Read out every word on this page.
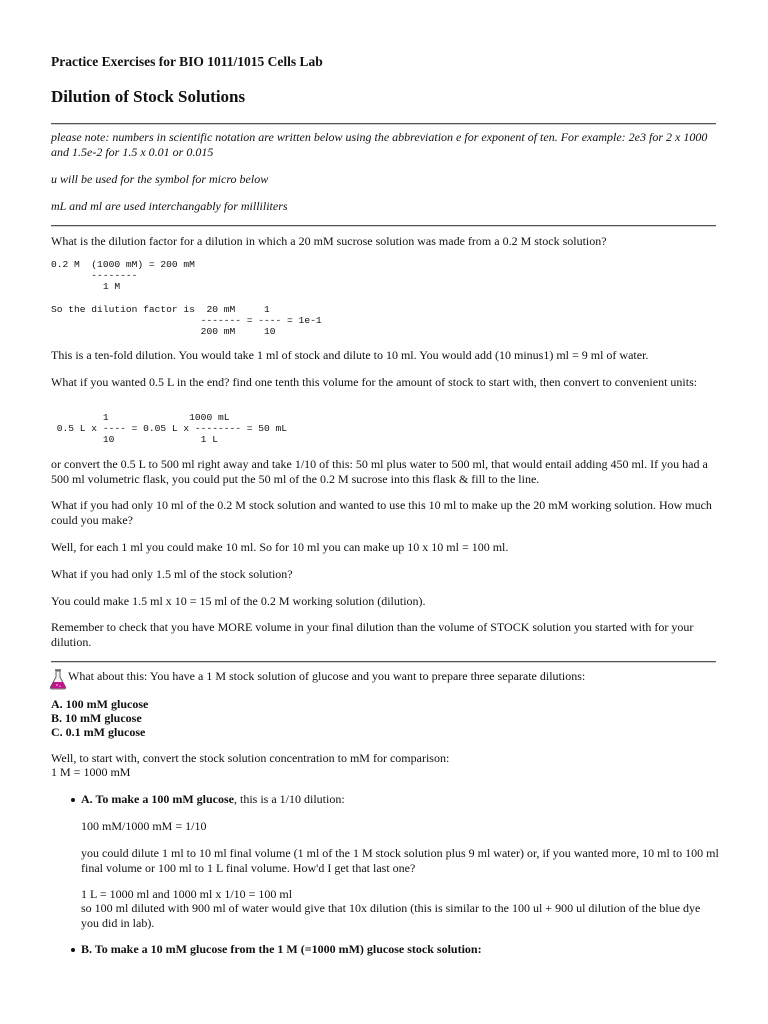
Practice Exercises for BIO 1011/1015 Cells Lab
Dilution of Stock Solutions
please note: numbers in scientific notation are written below using the abbreviation e for exponent of ten. For example: 2e3 for 2 x 1000 and 1.5e-2 for 1.5 x 0.01 or 0.015
u will be used for the symbol for micro below
mL and ml are used interchangably for milliliters
What is the dilution factor for a dilution in which a 20 mM sucrose solution was made from a 0.2 M stock solution?
0.2 M  (1000 mM) = 200 mM
--------
1 M
So the dilution factor is  20 mM     1
------- = ---- = 1e-1
200 mM     10
This is a ten-fold dilution. You would take 1 ml of stock and dilute to 10 ml. You would add (10 minus1) ml = 9 ml of water.
What if you wanted 0.5 L in the end? find one tenth this volume for the amount of stock to start with, then convert to convenient units:
1              1000 mL
0.5 L x ---- = 0.05 L x -------- = 50 mL
10               1 L
or convert the 0.5 L to 500 ml right away and take 1/10 of this: 50 ml plus water to 500 ml, that would entail adding 450 ml. If you had a 500 ml volumetric flask, you could put the 50 ml of the 0.2 M sucrose into this flask & fill to the line.
What if you had only 10 ml of the 0.2 M stock solution and wanted to use this 10 ml to make up the 20 mM working solution. How much could you make?
Well, for each 1 ml you could make 10 ml. So for 10 ml you can make up 10 x 10 ml = 100 ml.
What if you had only 1.5 ml of the stock solution?
You could make 1.5 ml x 10 = 15 ml of the 0.2 M working solution (dilution).
Remember to check that you have MORE volume in your final dilution than the volume of STOCK solution you started with for your dilution.
What about this: You have a 1 M stock solution of glucose and you want to prepare three separate dilutions:
A. 100 mM glucose
B. 10 mM glucose
C. 0.1 mM glucose
Well, to start with, convert the stock solution concentration to mM for comparison:
1 M = 1000 mM
A. To make a 100 mM glucose, this is a 1/10 dilution:
100 mM/1000 mM = 1/10
you could dilute 1 ml to 10 ml final volume (1 ml of the 1 M stock solution plus 9 ml water) or, if you wanted more, 10 ml to 100 ml final volume or 100 ml to 1 L final volume. How'd I get that last one?
1 L = 1000 ml and 1000 ml x 1/10 = 100 ml
so 100 ml diluted with 900 ml of water would give that 10x dilution (this is similar to the 100 ul + 900 ul dilution of the blue dye you did in lab).
B. To make a 10 mM glucose from the 1 M (=1000 mM) glucose stock solution:
